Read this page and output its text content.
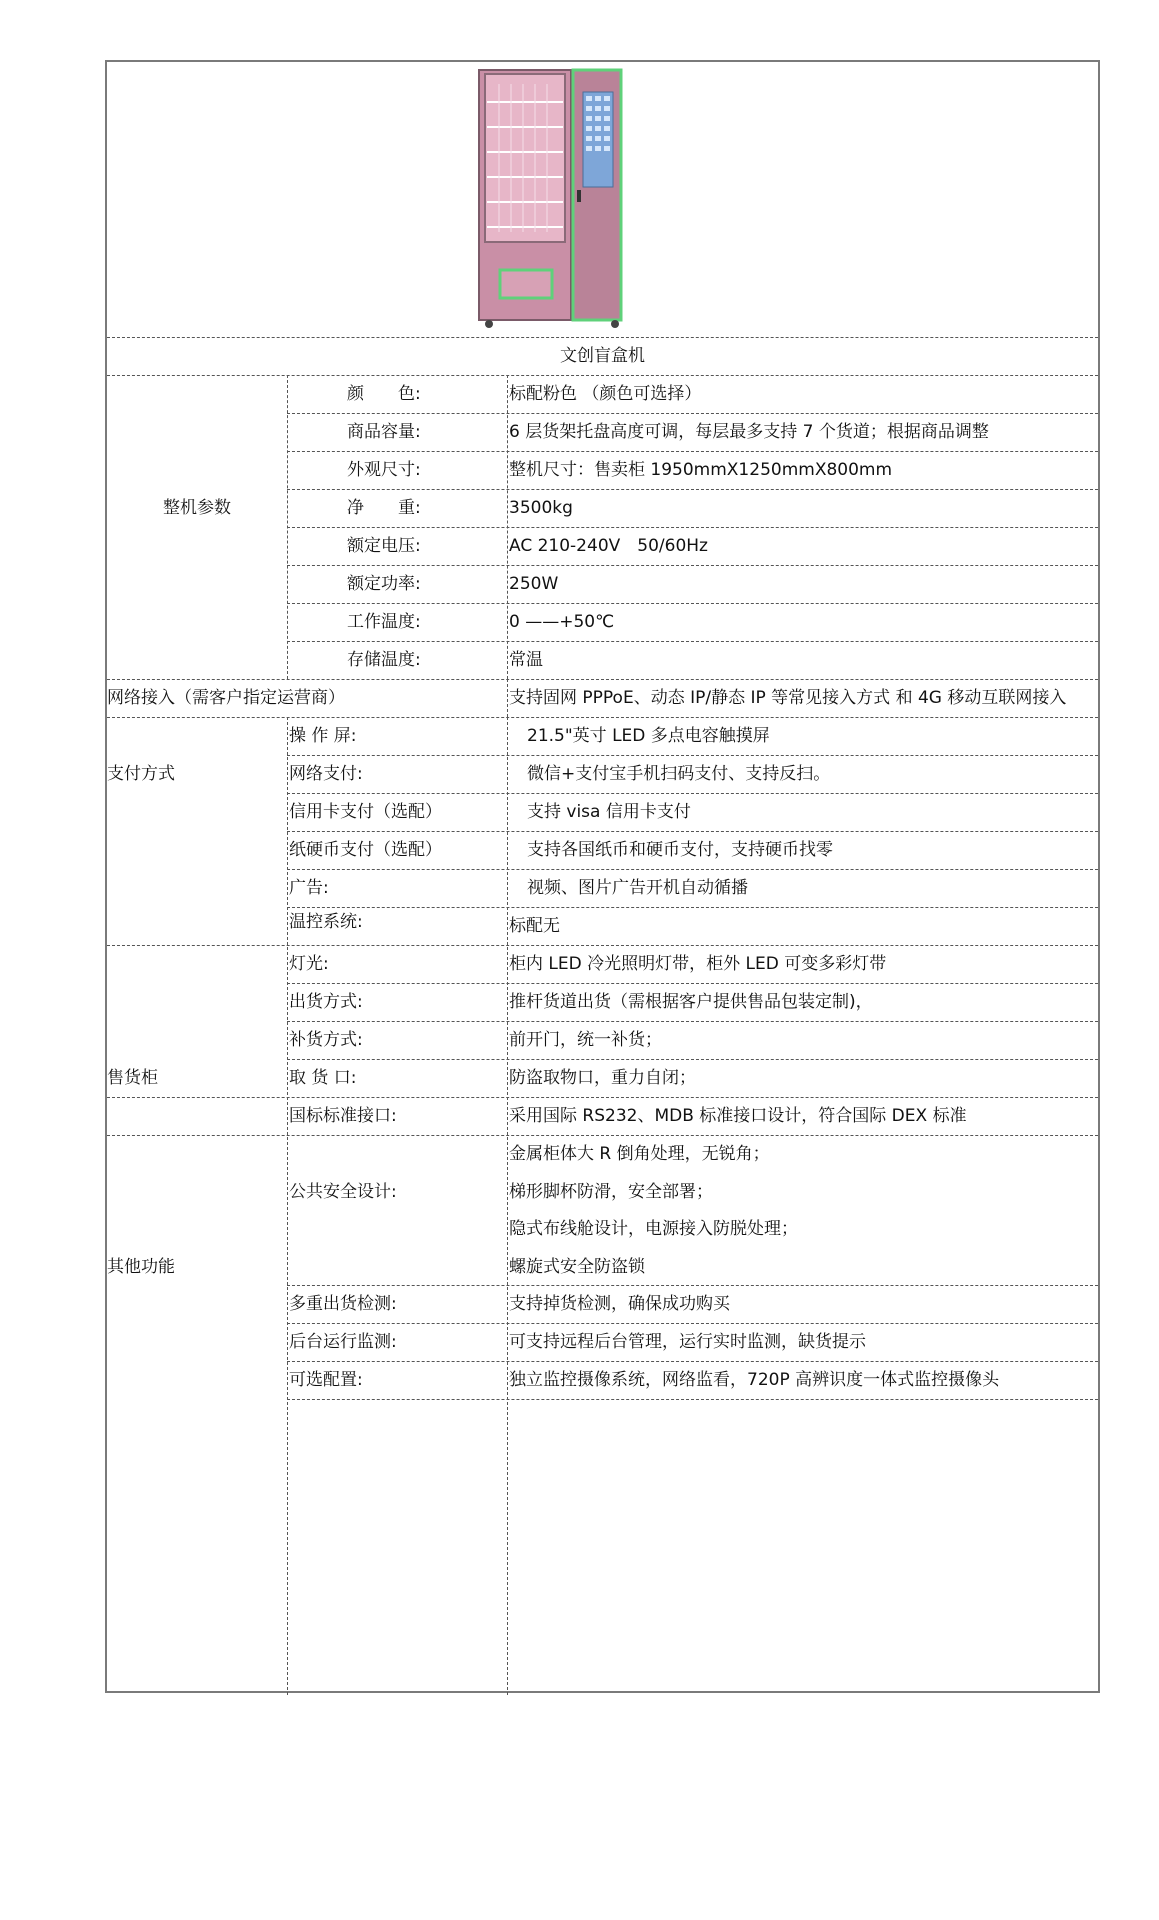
文创盲盒机
整机参数
颜　　色:	标配粉色 （颜色可选择）
商品容量:	6 层货架托盘高度可调，每层最多支持 7 个货道；根据商品调整
外观尺寸:	整机尺寸：售卖柜 1950mmX1250mmX800mm
净　　重:	3500kg
额定电压:	AC 210-240V　50/60Hz
额定功率:	250W
工作温度:	0 ——+50℃
存储温度:	常温
网络接入（需客户指定运营商）	支持固网 PPPoE、动态 IP/静态 IP 等常见接入方式 和 4G 移动互联网接入
支付方式
操 作 屏:	21.5"英寸 LED 多点电容触摸屏
网络支付:	微信+支付宝手机扫码支付、支持反扫。
信用卡支付（选配）	支持 visa 信用卡支付
纸硬币支付（选配）	支持各国纸币和硬币支付，支持硬币找零
广告:	视频、图片广告开机自动循播
温控系统:	标配无
售货柜
灯光:	柜内 LED 冷光照明灯带，柜外 LED 可变多彩灯带
出货方式:	推杆货道出货（需根据客户提供售品包装定制)，
补货方式:	前开门，统一补货；
取 货 口:	防盗取物口，重力自闭；
国标标准接口:	采用国际 RS232、MDB 标准接口设计，符合国际 DEX 标准
其他功能
公共安全设计:
金属柜体大 R 倒角处理，无锐角；
梯形脚杯防滑，安全部署；
隐式布线舱设计，电源接入防脱处理；
螺旋式安全防盗锁
多重出货检测:	支持掉货检测，确保成功购买
后台运行监测:	可支持远程后台管理，运行实时监测，缺货提示
可选配置:	独立监控摄像系统，网络监看，720P 高辨识度一体式监控摄像头
